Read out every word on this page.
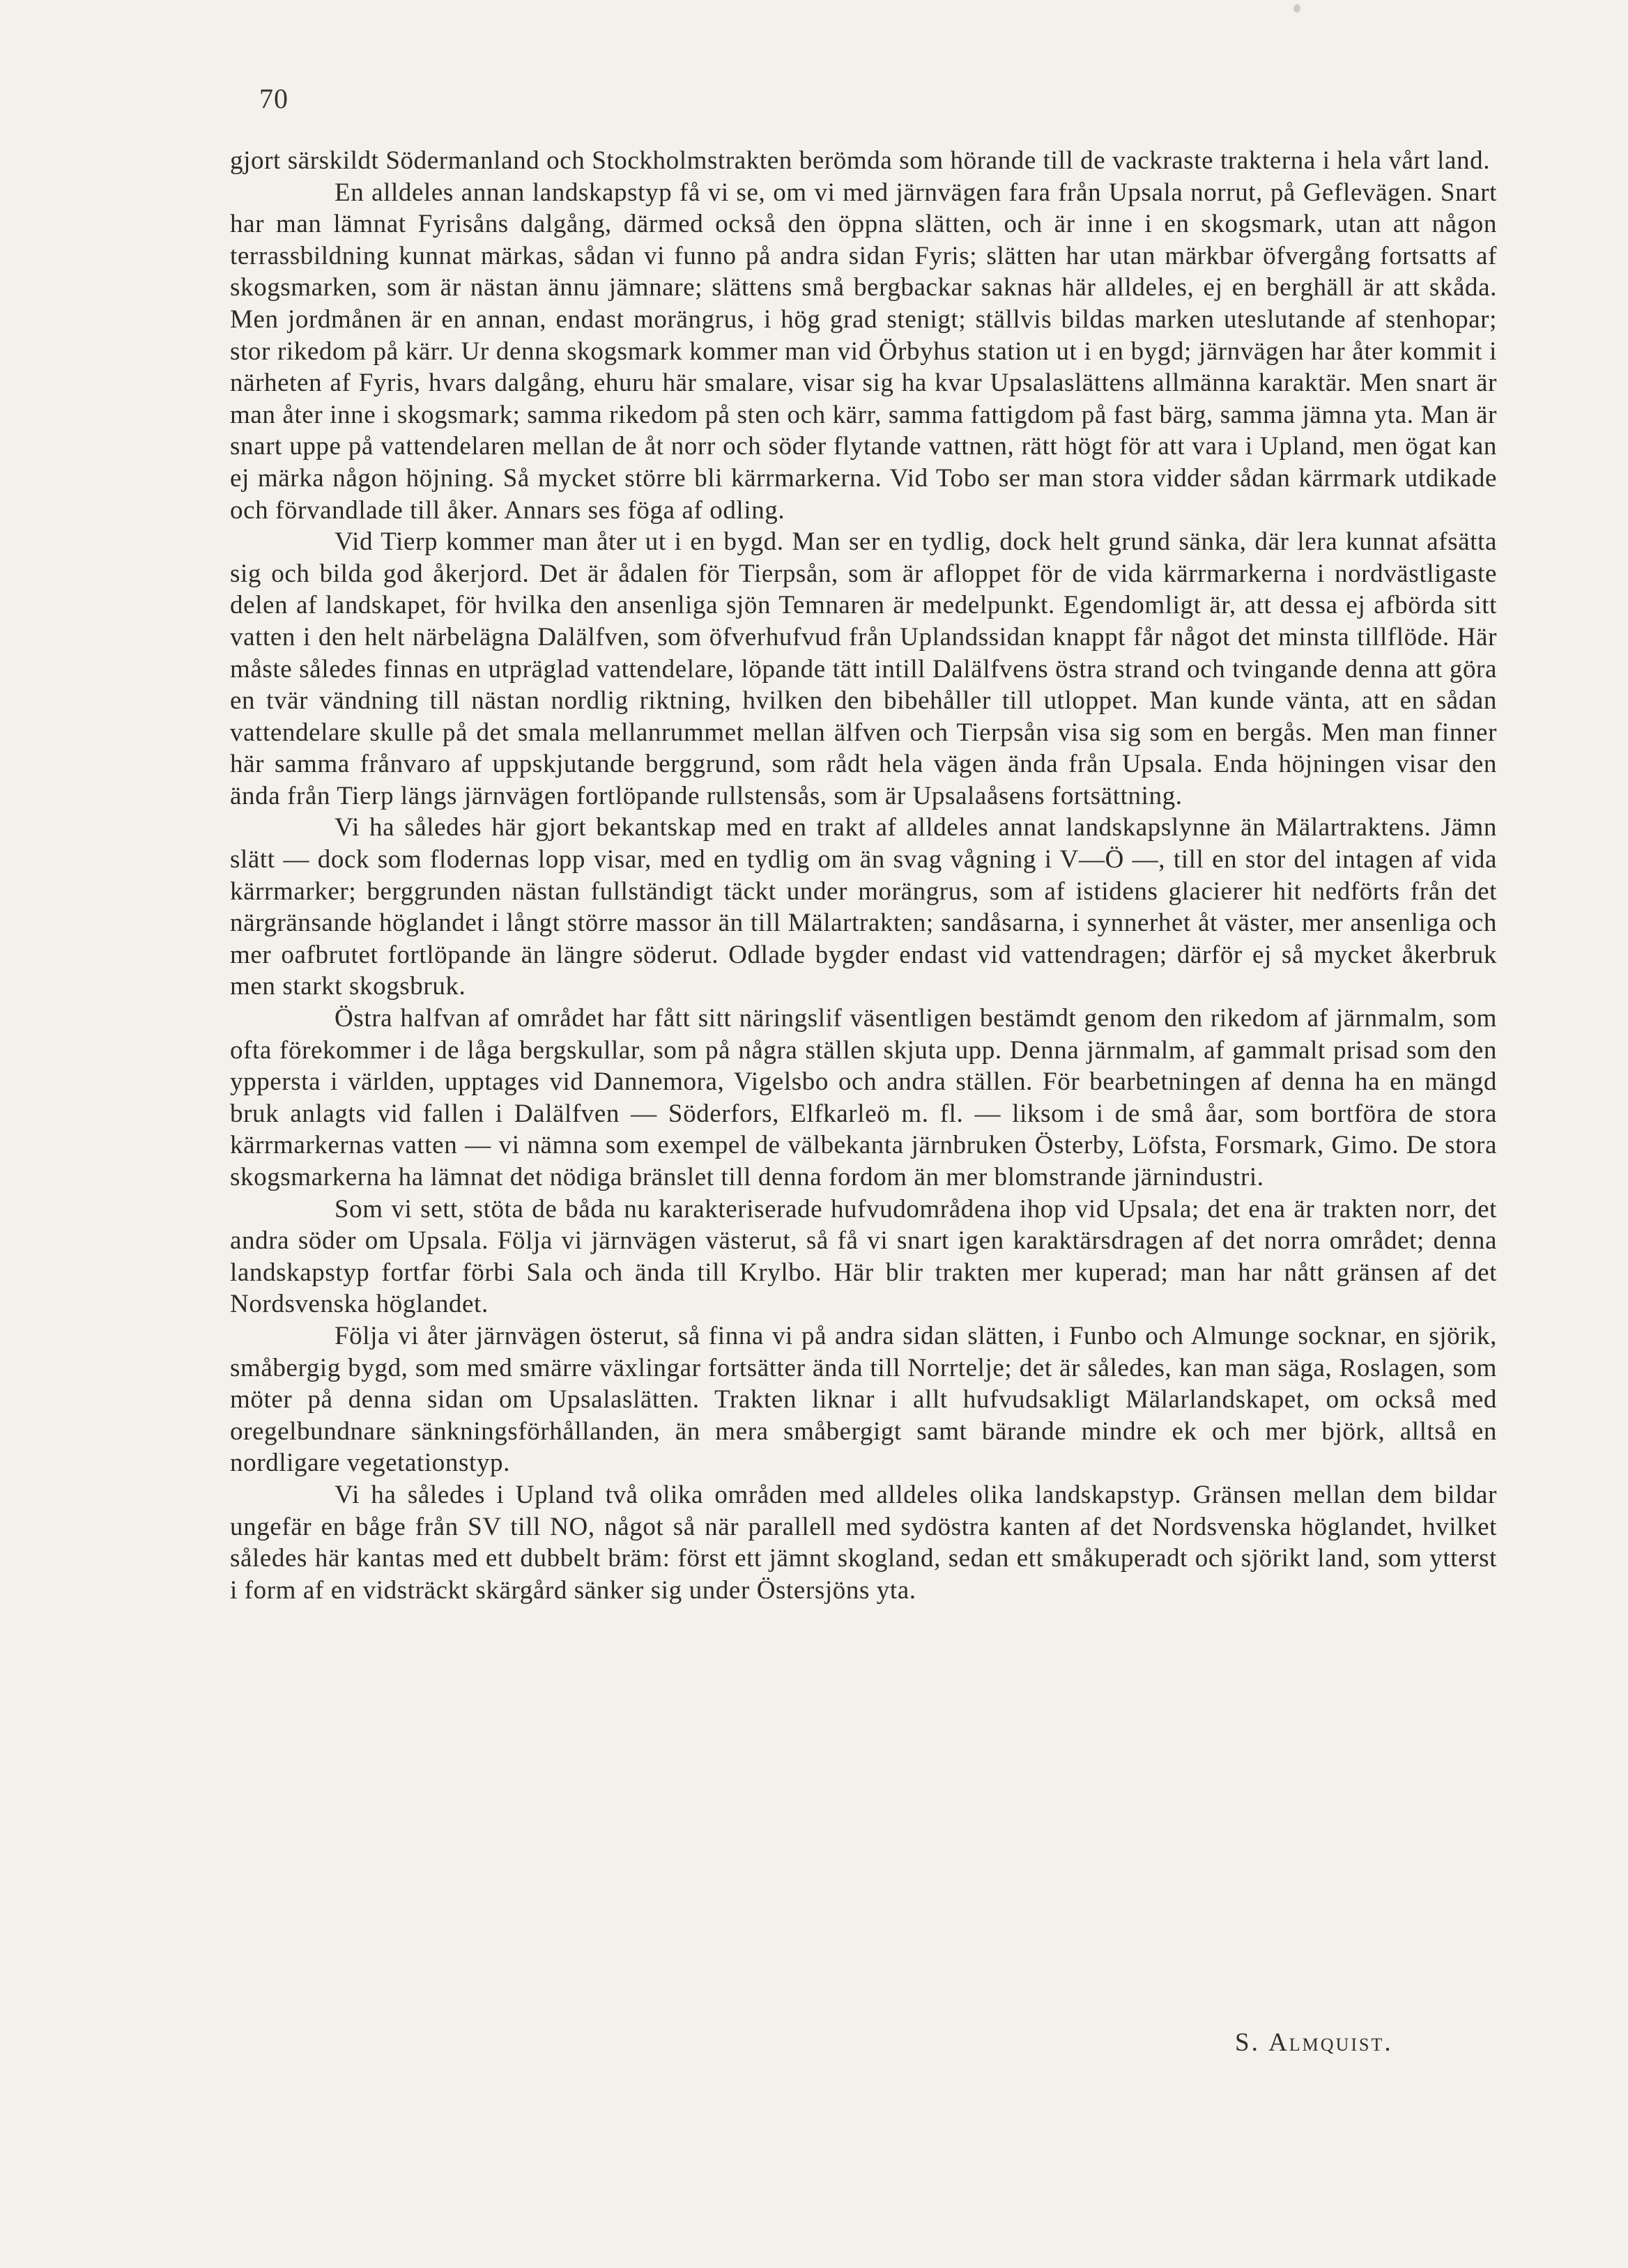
70

gjort särskildt Södermanland och Stockholmstrakten berömda som hörande till de vackraste trakterna i hela vårt land.

En alldeles annan landskapstyp få vi se, om vi med järnvägen fara från Upsala norrut, på Geflevägen. Snart har man lämnat Fyrisåns dalgång, därmed också den öppna slätten, och är inne i en skogsmark, utan att någon terrassbildning kunnat märkas, sådan vi funno på andra sidan Fyris; slätten har utan märkbar öfvergång fortsatts af skogsmarken, som är nästan ännu jämnare; slättens små bergbackar saknas här alldeles, ej en berghäll är att skåda. Men jordmånen är en annan, endast morängrus, i hög grad stenigt; ställvis bildas marken uteslutande af stenhopar; stor rikedom på kärr. Ur denna skogsmark kommer man vid Örbyhus station ut i en bygd; järnvägen har åter kommit i närheten af Fyris, hvars dalgång, ehuru här smalare, visar sig ha kvar Upsalaslättens allmänna karaktär. Men snart är man åter inne i skogsmark; samma rikedom på sten och kärr, samma fattigdom på fast bärg, samma jämna yta. Man är snart uppe på vattendelaren mellan de åt norr och söder flytande vattnen, rätt högt för att vara i Upland, men ögat kan ej märka någon höjning. Så mycket större bli kärrmarkerna. Vid Tobo ser man stora vidder sådan kärrmark utdikade och förvandlade till åker. Annars ses föga af odling.

Vid Tierp kommer man åter ut i en bygd. Man ser en tydlig, dock helt grund sänka, där lera kunnat afsätta sig och bilda god åkerjord. Det är ådalen för Tierpsån, som är afloppet för de vida kärrmarkerna i nordvästligaste delen af landskapet, för hvilka den ansenliga sjön Temnaren är medelpunkt. Egendomligt är, att dessa ej afbörda sitt vatten i den helt närbelägna Dalälfven, som öfverhufvud från Uplandssidan knappt får något det minsta tillflöde. Här måste således finnas en utpräglad vattendelare, löpande tätt intill Dalälfvens östra strand och tvingande denna att göra en tvär vändning till nästan nordlig riktning, hvilken den bibehåller till utloppet. Man kunde vänta, att en sådan vattendelare skulle på det smala mellanrummet mellan älfven och Tierpsån visa sig som en bergås. Men man finner här samma frånvaro af uppskjutande berggrund, som rådt hela vägen ända från Upsala. Enda höjningen visar den ända från Tierp längs järnvägen fortlöpande rullstensås, som är Upsalaåsens fortsättning.

Vi ha således här gjort bekantskap med en trakt af alldeles annat landskapslynne än Mälartraktens. Jämn slätt — dock som flodernas lopp visar, med en tydlig om än svag vågning i V—Ö —, till en stor del intagen af vida kärrmarker; berggrunden nästan fullständigt täckt under morängrus, som af istidens glacierer hit nedförts från det närgränsande höglandet i långt större massor än till Mälartrakten; sandåsarna, i synnerhet åt väster, mer ansenliga och mer oafbrutet fortlöpande än längre söderut. Odlade bygder endast vid vattendragen; därför ej så mycket åkerbruk men starkt skogsbruk.

Östra halfvan af området har fått sitt näringslif väsentligen bestämdt genom den rikedom af järnmalm, som ofta förekommer i de låga bergskullar, som på några ställen skjuta upp. Denna järnmalm, af gammalt prisad som den yppersta i världen, upptages vid Dannemora, Vigelsbo och andra ställen. För bearbetningen af denna ha en mängd bruk anlagts vid fallen i Dalälfven — Söderfors, Elfkarleö m. fl. — liksom i de små åar, som bortföra de stora kärrmarkernas vatten — vi nämna som exempel de välbekanta järnbruken Österby, Löfsta, Forsmark, Gimo. De stora skogsmarkerna ha lämnat det nödiga bränslet till denna fordom än mer blomstrande järnindustri.

Som vi sett, stöta de båda nu karakteriserade hufvudområdena ihop vid Upsala; det ena är trakten norr, det andra söder om Upsala. Följa vi järnvägen västerut, så få vi snart igen karaktärsdragen af det norra området; denna landskapstyp fortfar förbi Sala och ända till Krylbo. Här blir trakten mer kuperad; man har nått gränsen af det Nordsvenska höglandet.

Följa vi åter järnvägen österut, så finna vi på andra sidan slätten, i Funbo och Almunge socknar, en sjörik, småbergig bygd, som med smärre växlingar fortsätter ända till Norrtelje; det är således, kan man säga, Roslagen, som möter på denna sidan om Upsalaslätten. Trakten liknar i allt hufvudsakligt Mälarlandskapet, om också med oregelbundnare sänkningsförhållanden, än mera småbergigt samt bärande mindre ek och mer björk, alltså en nordligare vegetationstyp.

Vi ha således i Upland två olika områden med alldeles olika landskapstyp. Gränsen mellan dem bildar ungefär en båge från SV till NO, något så när parallell med sydöstra kanten af det Nordsvenska höglandet, hvilket således här kantas med ett dubbelt bräm: först ett jämnt skogland, sedan ett småkuperadt och sjörikt land, som ytterst i form af en vidsträckt skärgård sänker sig under Östersjöns yta.

S. Almquist.
